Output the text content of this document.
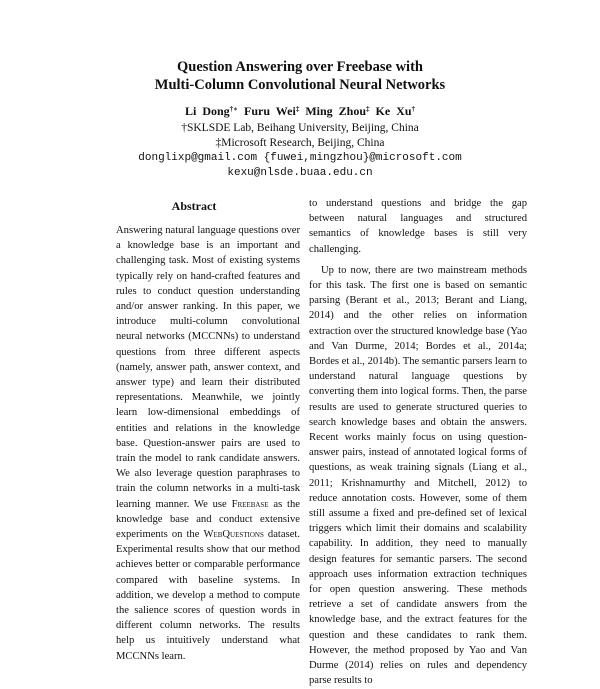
Question Answering over Freebase with
Multi-Column Convolutional Neural Networks
Li Dong†∗ Furu Wei‡ Ming Zhou‡ Ke Xu†
†SKLSDE Lab, Beihang University, Beijing, China
‡Microsoft Research, Beijing, China
donglixp@gmail.com {fuwei,mingzhou}@microsoft.com
kexu@nlsde.buaa.edu.cn
Abstract

Answering natural language questions over a knowledge base is an important and challenging task. Most of existing systems typically rely on hand-crafted features and rules to conduct question understanding and/or answer ranking. In this paper, we introduce multi-column convolutional neural networks (MCCNNs) to understand questions from three different aspects (namely, answer path, answer context, and answer type) and learn their distributed representations. Meanwhile, we jointly learn low-dimensional embeddings of entities and relations in the knowledge base. Question-answer pairs are used to train the model to rank candidate answers. We also leverage question paraphrases to train the column networks in a multi-task learning manner. We use Freebase as the knowledge base and conduct extensive experiments on the WebQuestions dataset. Experimental results show that our method achieves better or comparable performance compared with baseline systems. In addition, we develop a method to compute the salience scores of question words in different column networks. The results help us intuitively understand what MCCNNs learn.

to understand questions and bridge the gap between natural languages and structured semantics of knowledge bases is still very challenging.

Up to now, there are two mainstream methods for this task. The first one is based on semantic parsing (Berant et al., 2013; Berant and Liang, 2014) and the other relies on information extraction over the structured knowledge base (Yao and Van Durme, 2014; Bordes et al., 2014a; Bordes et al., 2014b). The semantic parsers learn to understand natural language questions by converting them into logical forms. Then, the parse results are used to generate structured queries to search knowledge bases and obtain the answers. Recent works mainly focus on using question-answer pairs, instead of annotated logical forms of questions, as weak training signals (Liang et al., 2011; Krishnamurthy and Mitchell, 2012) to reduce annotation costs. However, some of them still assume a fixed and pre-defined set of lexical triggers which limit their domains and scalability capability. In addition, they need to manually design features for semantic parsers. The second approach uses information extraction techniques for open question answering. These methods retrieve a set of candidate answers from the knowledge base, and the extract features for the question and these candidates to rank them. However, the method proposed by Yao and Van Durme (2014) relies on rules and dependency parse results to
